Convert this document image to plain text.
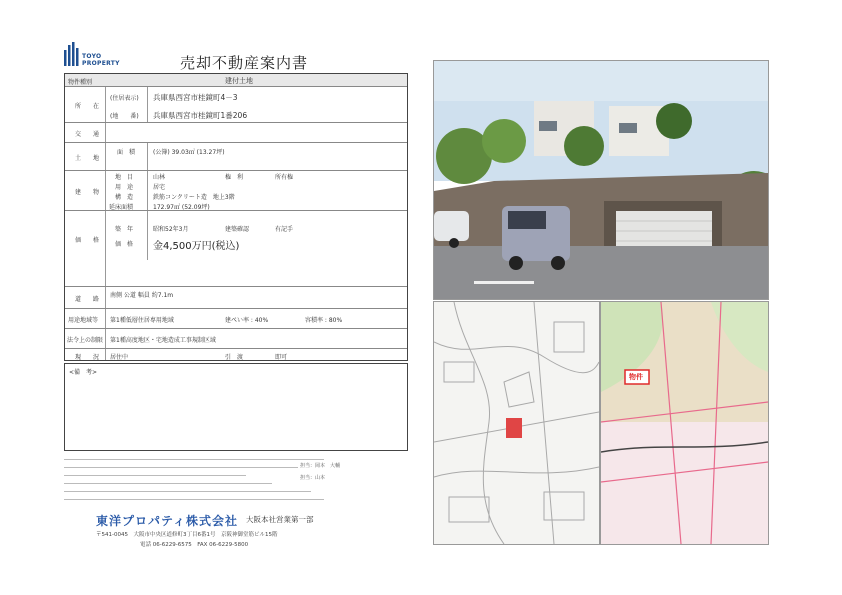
TOYO
PROPERTY	売却不動産案内書
物件種別	建付土地
所　　在
(住居表示) 兵庫県西宮市桂鏡町4－3
(地　　番) 兵庫県西宮市桂鏡町1番206
交　　通
土　　地
面　積	(公簿) 39.03㎡ (13.27坪)
建　　物
地　目	山林	権　利	所有権
用　途	居宅
構　造	鉄筋コンクリート造　地上3階
延床面積	172.97㎡ (52.09坪)
価　　格
築　年	昭和52年3月	建築確認	有記手
価　格 金4,500万円(税込)
道　　路
南側 公道 幅員 約7.1m
用途地域等 第1種低層住居専用地域	建ぺい率 : 40%	容積率 : 80%
法令上の制限 第1種高度地区・宅地造成工事規制区域
現　　況 居住中	引　渡	即可
<備　考>
担当：岡本　大輔
担当：山本
東洋プロパティ株式会社 大阪本社営業第一部
〒541-0045　大阪市中央区道修町3丁目6番1号　京阪神御堂筋ビル15階
電話 06-6229-6575　FAX 06-6229-5800
物件
